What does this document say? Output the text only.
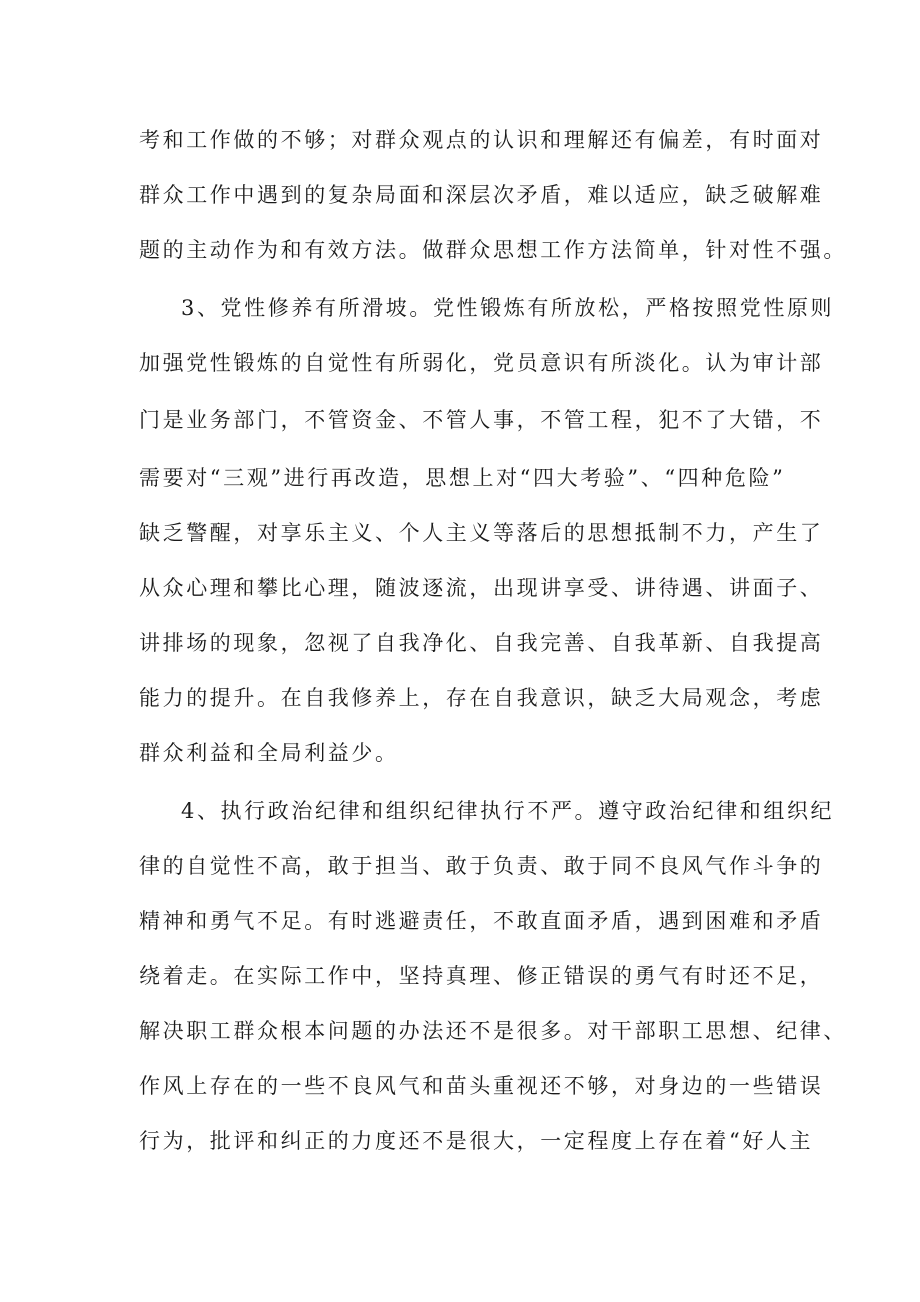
考和工作做的不够；对群众观点的认识和理解还有偏差，有时面对
群众工作中遇到的复杂局面和深层次矛盾，难以适应，缺乏破解难
题的主动作为和有效方法。做群众思想工作方法简单，针对性不强。
3、党性修养有所滑坡。党性锻炼有所放松，严格按照党性原则
加强党性锻炼的自觉性有所弱化，党员意识有所淡化。认为审计部
门是业务部门，不管资金、不管人事，不管工程，犯不了大错，不
需要对“三观”进行再改造，思想上对“四大考验”、“四种危险”
缺乏警醒，对享乐主义、个人主义等落后的思想抵制不力，产生了
从众心理和攀比心理，随波逐流，出现讲享受、讲待遇、讲面子、
讲排场的现象，忽视了自我净化、自我完善、自我革新、自我提高
能力的提升。在自我修养上，存在自我意识，缺乏大局观念，考虑
群众利益和全局利益少。
4、执行政治纪律和组织纪律执行不严。遵守政治纪律和组织纪
律的自觉性不高，敢于担当、敢于负责、敢于同不良风气作斗争的
精神和勇气不足。有时逃避责任，不敢直面矛盾，遇到困难和矛盾
绕着走。在实际工作中，坚持真理、修正错误的勇气有时还不足，
解决职工群众根本问题的办法还不是很多。对干部职工思想、纪律、
作风上存在的一些不良风气和苗头重视还不够，对身边的一些错误
行为，批评和纠正的力度还不是很大，一定程度上存在着“好人主
